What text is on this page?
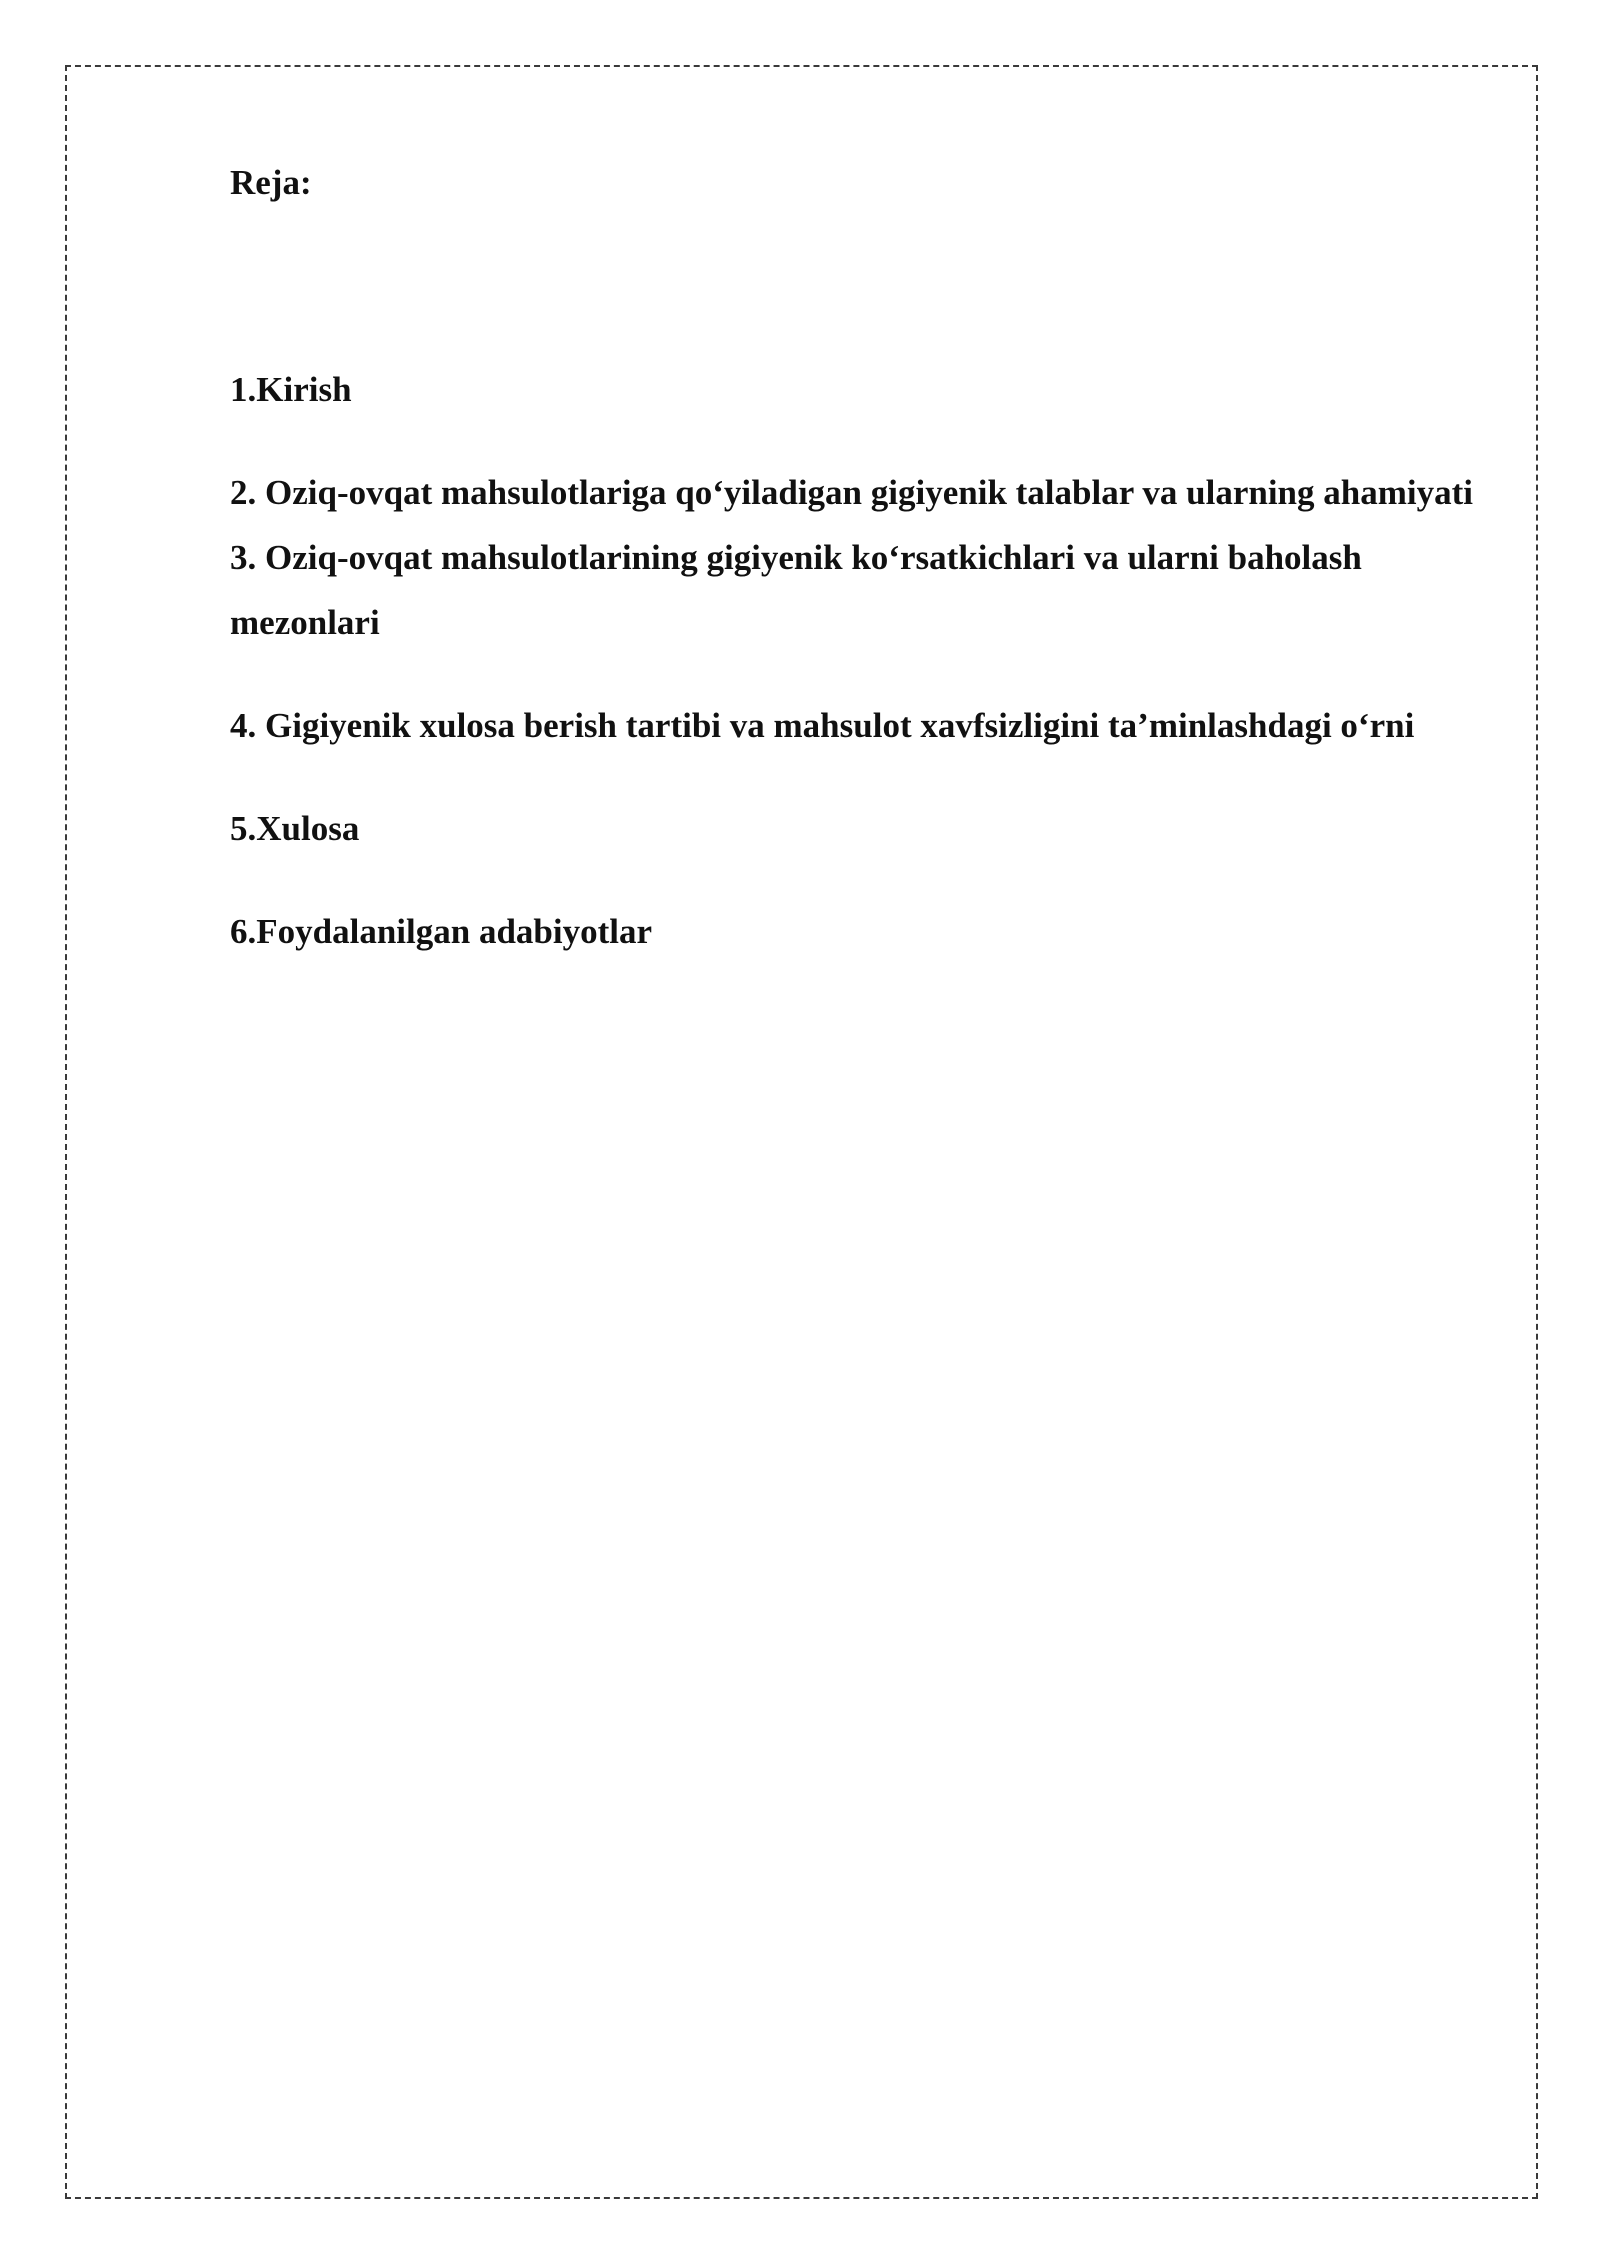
Reja:
1.Kirish
2. Oziq-ovqat mahsulotlariga qo‘yiladigan gigiyenik talablar va ularning ahamiyati
3. Oziq-ovqat mahsulotlarining gigiyenik ko‘rsatkichlari va ularni baholash mezonlari
4. Gigiyenik xulosa berish tartibi va mahsulot xavfsizligini ta’minlashdagi o‘rni
5.Xulosa
6.Foydalanilgan adabiyotlar
